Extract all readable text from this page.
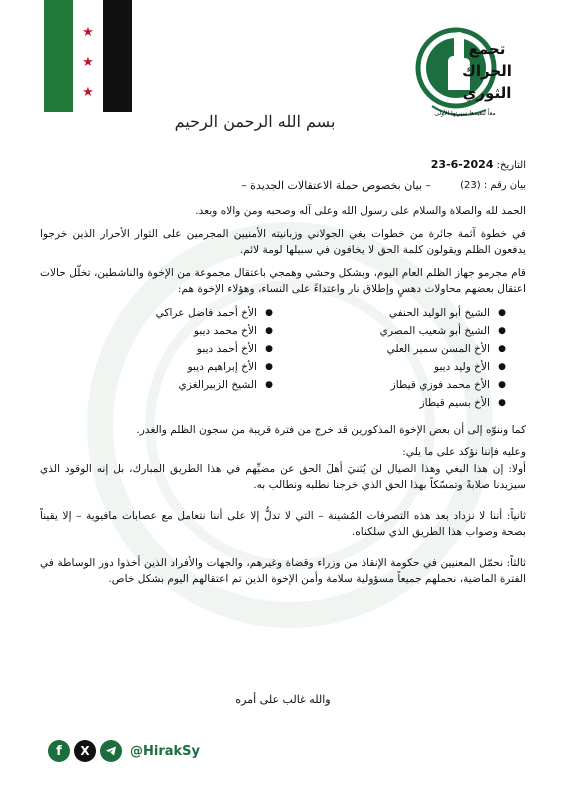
★
★
★
تجمع
الحراك
الثوري
معاً لنعيدها سيرتها الأولى
بسم الله الرحمن الرحيم
التاريخ: 23-6-2024
بيان رقم : (23)
– بيان بخصوص حملة الاعتقالات الجديدة –

الحمد لله والصلاة والسلام على رسول الله وعلى آله وصحبه ومن والاه وبعد.

في خطوة آثمة جائرة من خطوات بغي الجولاني وزبانيته الأمنيين المجرمين على الثوار الأحرار الذين خرجوا يدفعون الظلم ويقولون كلمة الحق لا يخافون في سبيلها لومة لائم.

قام مجرمو جهاز الظلم العام اليوم، وبشكل وحشي وهمجي باعتقال مجموعة من الإخوة والناشطين، تخلّل حالات اعتقال بعضهم محاولات دهسٍ وإطلاق نار واعتداءً على النساء، وهؤلاء الإخوة هم:

● الشيخ أبو الوليد الحنفي
● الشيخ أبو شعيب المصري
● الأخ المسن سمير العلي
● الأخ وليد ديبو
● الأخ محمد فوزي قيطاز
● الأخ بسيم قيطاز
● الأخ أحمد فاضل عراكي
● الأخ محمد ديبو
● الأخ أحمد ديبو
● الأخ إبراهيم ديبو
● الشيخ الزبيرالغزي

كما وننوّه إلى أن بعض الإخوة المذكورين قد خرج من فترة قريبة من سجون الظلم والغدر.

وعليه فإننا نؤكد على ما يلي:

أولا: إن هذا البغي وهذا الصيال لن يُثنيَ أهلَ الحق عن مضيِّهم في هذا الطريق المبارك، بل إنه الوقود الذي سيزيدنا صلابةً وتمسّكاً بهذا الحق الذي خرجنا نطلبه ونطالب به.

ثانياً: أننا لا نزداد بعد هذه التصرفات المُشينة – التي لا تدلُّ إلا على أننا نتعامل مع عصابات مافيوية – إلا يقيناً بصحة وصواب هذا الطريق الذي سلكناه.

ثالثاً: نحمّل المعنيين في حكومة الإنقاذ من وزراء وقضاة وغيرهم، والجهات والأفراد الذين أخذوا دور الوساطة في الفترة الماضية، نحملهم جميعاً مسؤولية سلامة وأمن الإخوة الذين تم اعتقالهم اليوم بشكل خاص.

والله غالب على أمره
f	X	@HirakSy
